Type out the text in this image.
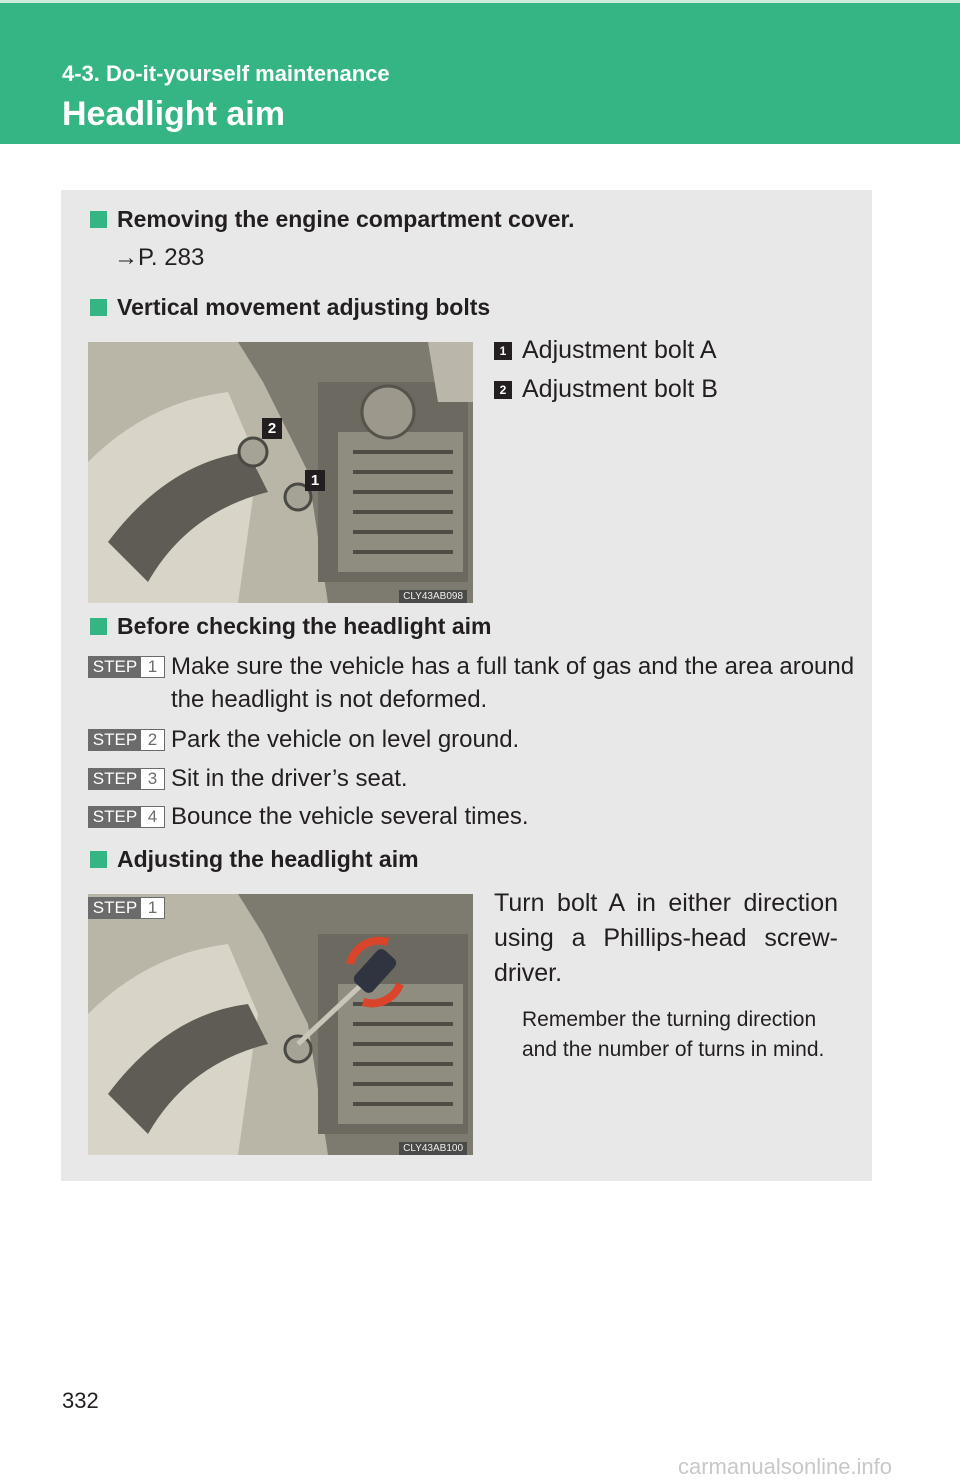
4-3. Do-it-yourself maintenance
Headlight aim
Removing the engine compartment cover.
→P. 283
Vertical movement adjusting bolts
2
1
CLY43AB098
1 Adjustment bolt A
2 Adjustment bolt B
Before checking the headlight aim
STEP 1 Make sure the vehicle has a full tank of gas and the area around
the headlight is not deformed.
STEP 2 Park the vehicle on level ground.
STEP 3 Sit in the driver’s seat.
STEP 4 Bounce the vehicle several times.
Adjusting the headlight aim
CLY43AB100
STEP 1	Turn bolt A in either direction using a Phillips-head screw-driver.
Remember the turning direction and the number of turns in mind.
332
carmanualsonline.info
